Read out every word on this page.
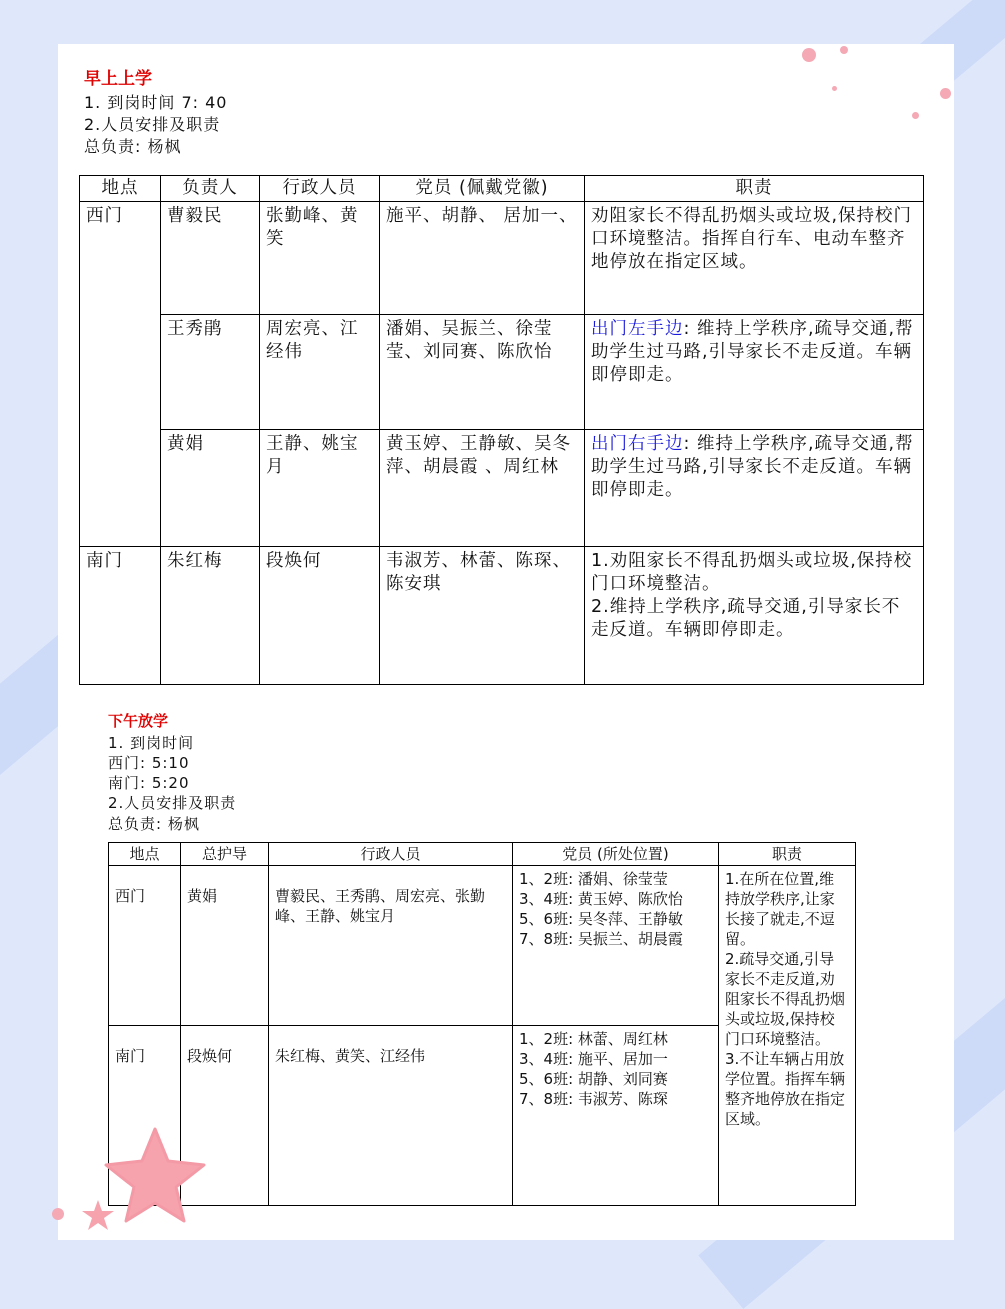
早上上学
1. 到岗时间 7: 40
2.人员安排及职责
总负责: 杨枫
地点	负责人	行政人员	党员 (佩戴党徽)	职责
西门	曹毅民	张勤峰、黄笑	施平、胡静、 居加一、	劝阻家长不得乱扔烟头或垃圾,保持校门口环境整洁。指挥自行车、电动车整齐地停放在指定区域。
	王秀鹃	周宏亮、江经伟	潘娟、吴振兰、徐莹莹、刘同赛、陈欣怡	出门左手边: 维持上学秩序,疏导交通,帮助学生过马路,引导家长不走反道。车辆即停即走。
	黄娟	王静、姚宝月	黄玉婷、王静敏、吴冬萍、胡晨霞 、周红林	出门右手边: 维持上学秩序,疏导交通,帮助学生过马路,引导家长不走反道。车辆即停即走。
南门	朱红梅	段焕何	韦淑芳、林蕾、陈琛、 陈安琪	1.劝阻家长不得乱扔烟头或垃圾,保持校门口环境整洁。
2.维持上学秩序,疏导交通,引导家长不走反道。车辆即停即走。
下午放学
1. 到岗时间
西门: 5:10
南门: 5:20
2.人员安排及职责
总负责: 杨枫
地点	总护导	行政人员	党员 (所处位置)	职责
西门	黄娟	曹毅民、王秀鹃、周宏亮、张勤峰、王静、姚宝月	1、2班: 潘娟、徐莹莹
3、4班: 黄玉婷、陈欣怡
5、6班: 吴冬萍、王静敏
7、8班: 吴振兰、胡晨霞	1.在所在位置,维持放学秩序,让家长接了就走,不逗留。
2.疏导交通,引导家长不走反道,劝阻家长不得乱扔烟头或垃圾,保持校门口环境整洁。
3.不让车辆占用放学位置。指挥车辆整齐地停放在指定区域。
南门	段焕何	朱红梅、黄笑、江经伟	1、2班: 林蕾、周红林
3、4班: 施平、居加一
5、6班: 胡静、刘同赛
7、8班: 韦淑芳、陈琛	
